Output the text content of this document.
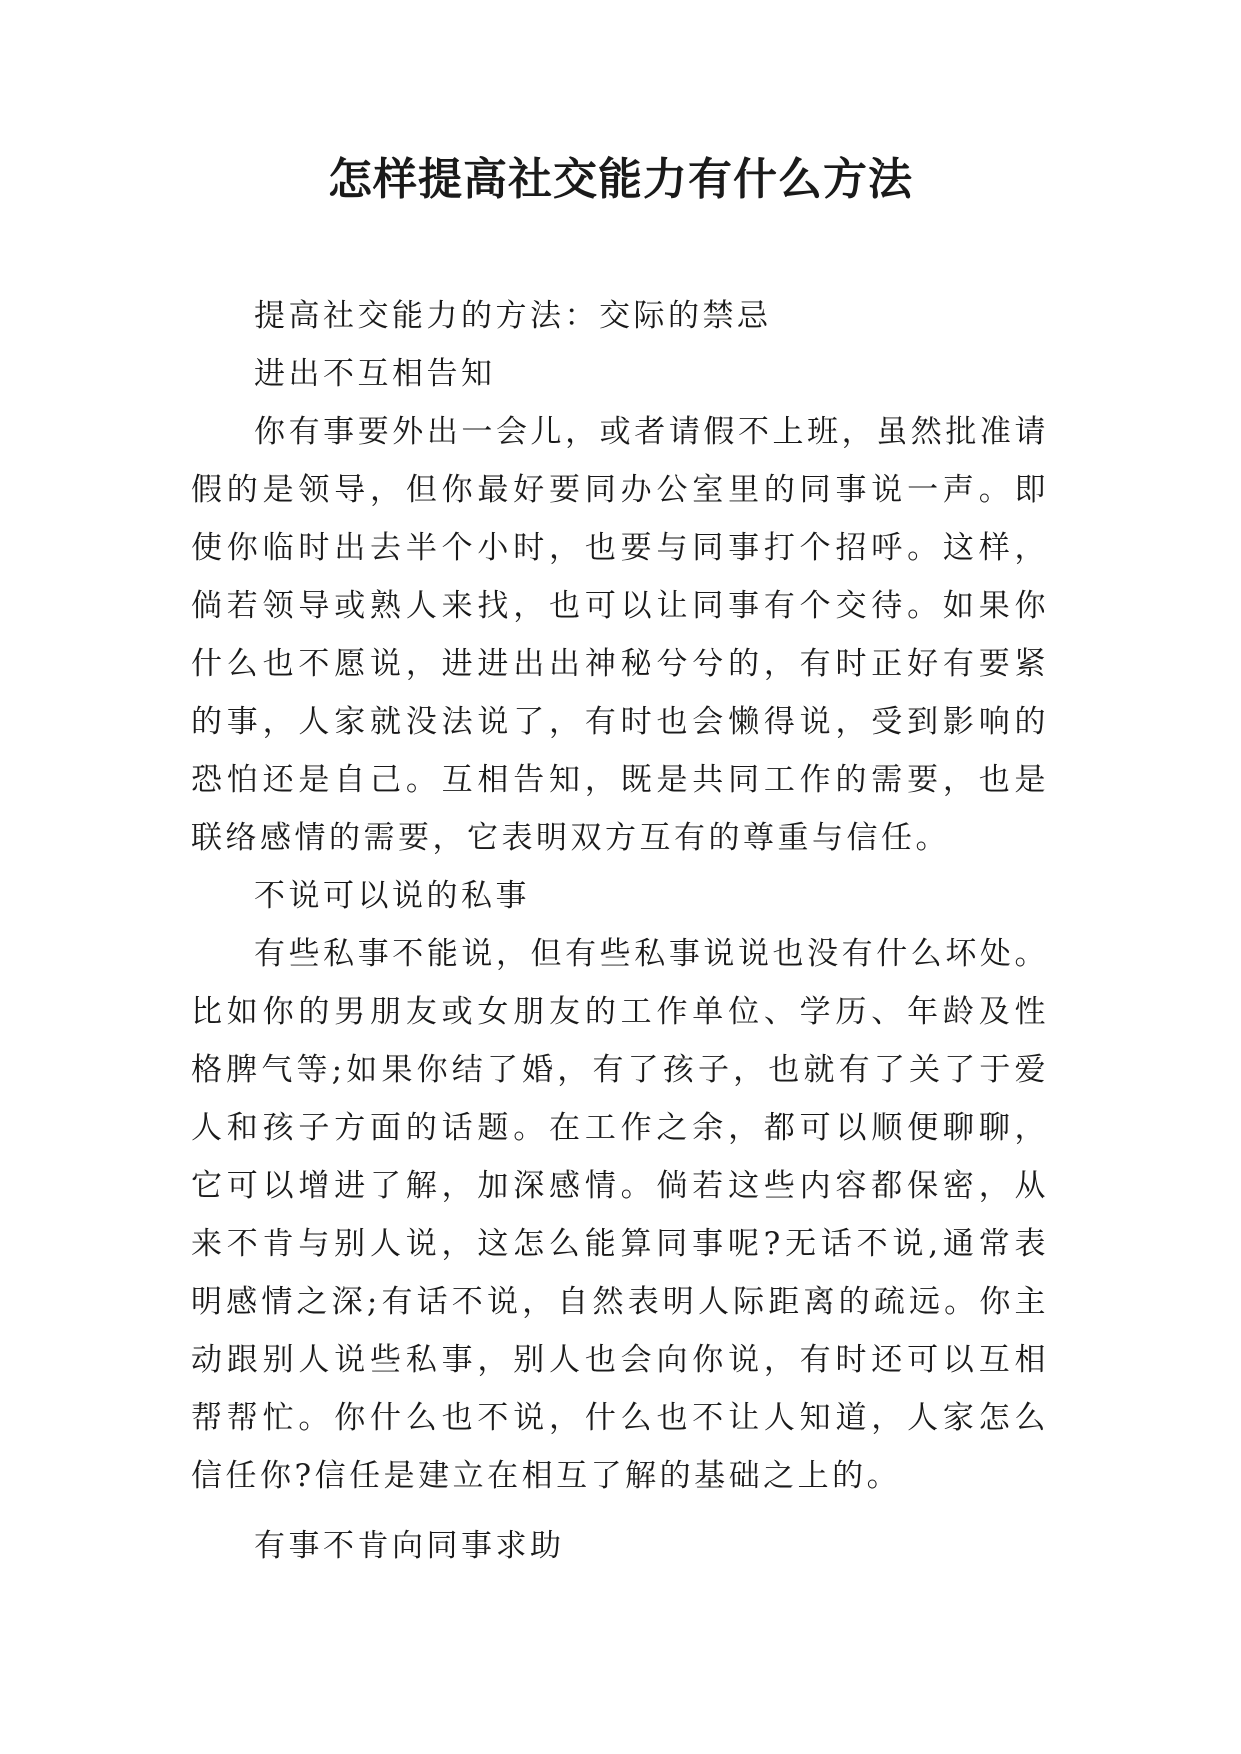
怎样提高社交能力有什么方法

提高社交能力的方法：交际的禁忌

进出不互相告知

你有事要外出一会儿，或者请假不上班，虽然批准请假的是领导，但你最好要同办公室里的同事说一声。即使你临时出去半个小时，也要与同事打个招呼。这样，倘若领导或熟人来找，也可以让同事有个交待。如果你什么也不愿说，进进出出神秘兮兮的，有时正好有要紧的事，人家就没法说了，有时也会懒得说，受到影响的恐怕还是自己。互相告知，既是共同工作的需要，也是联络感情的需要，它表明双方互有的尊重与信任。

不说可以说的私事

有些私事不能说，但有些私事说说也没有什么坏处。比如你的男朋友或女朋友的工作单位、学历、年龄及性格脾气等;如果你结了婚，有了孩子，也就有了关了于爱人和孩子方面的话题。在工作之余，都可以顺便聊聊，它可以增进了解，加深感情。倘若这些内容都保密，从来不肯与别人说，这怎么能算同事呢?无话不说,通常表明感情之深;有话不说，自然表明人际距离的疏远。你主动跟别人说些私事，别人也会向你说，有时还可以互相帮帮忙。你什么也不说，什么也不让人知道，人家怎么信任你?信任是建立在相互了解的基础之上的。

有事不肯向同事求助
